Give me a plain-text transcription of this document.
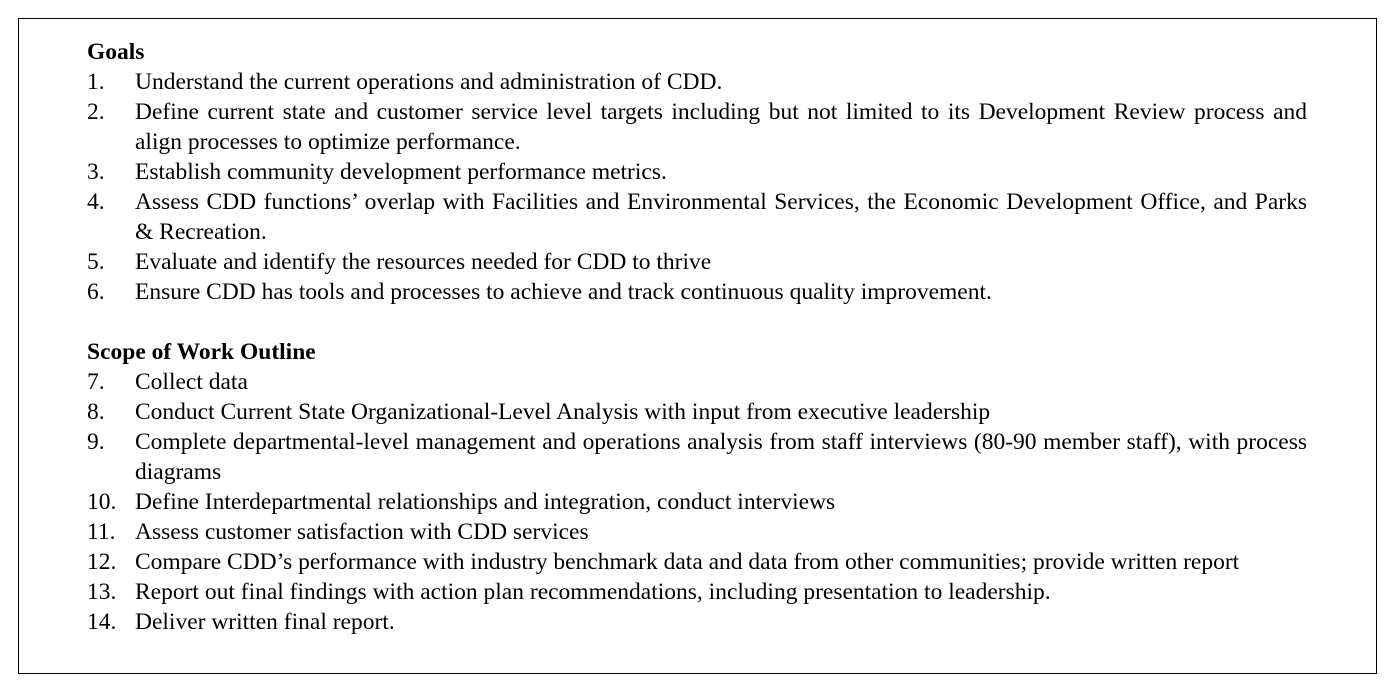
Goals
1.	Understand the current operations and administration of CDD.
2.	Define current state and customer service level targets including but not limited to its Development Review process and align processes to optimize performance.
3.	Establish community development performance metrics.
4.	Assess CDD functions’ overlap with Facilities and Environmental Services, the Economic Development Office, and Parks & Recreation.
5.	Evaluate and identify the resources needed for CDD to thrive
6.	Ensure CDD has tools and processes to achieve and track continuous quality improvement.
Scope of Work Outline
7.	Collect data
8.	Conduct Current State Organizational-Level Analysis with input from executive leadership
9.	Complete departmental-level management and operations analysis from staff interviews (80-90 member staff), with process diagrams
10. Define Interdepartmental relationships and integration, conduct interviews
11. Assess customer satisfaction with CDD services
12. Compare CDD’s performance with industry benchmark data and data from other communities; provide written report
13. Report out final findings with action plan recommendations, including presentation to leadership.
14. Deliver written final report.
